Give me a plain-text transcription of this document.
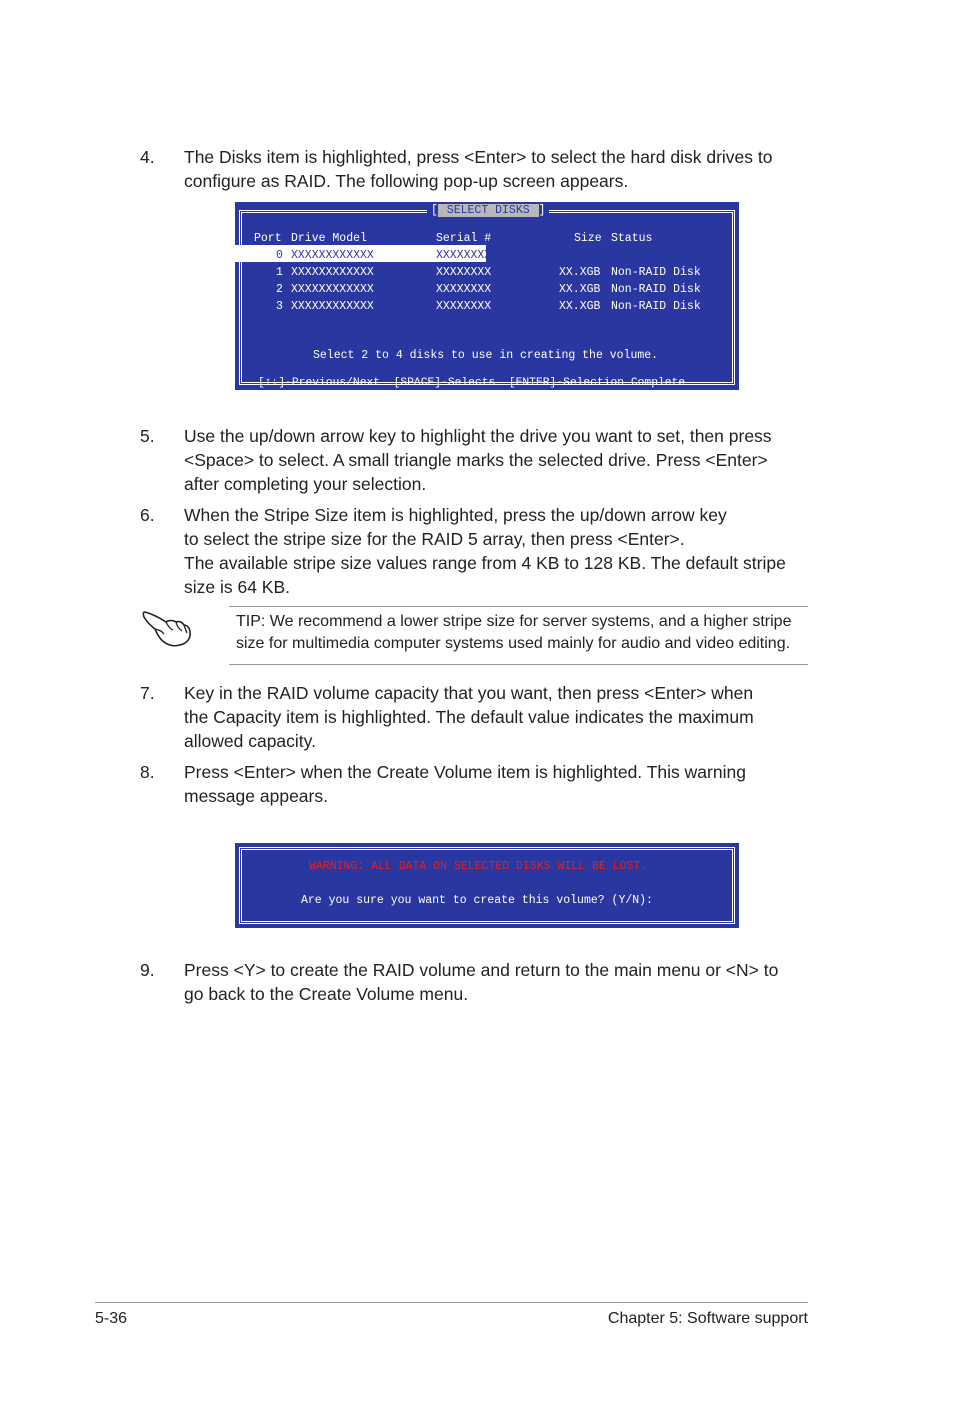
4. The Disks item is highlighted, press <Enter> to select the hard disk drives to
configure as RAID. The following pop-up screen appears.
[ SELECT DISKS ]
Port Drive Model	Serial #	Size Status
0 XXXXXXXXXXXX	XXXXXXXX	XX.XGB Non-RAID Disk
1 XXXXXXXXXXXX	XXXXXXXX	XX.XGB Non-RAID Disk
2 XXXXXXXXXXXX	XXXXXXXX	XX.XGB Non-RAID Disk
3 XXXXXXXXXXXX	XXXXXXXX	XX.XGB Non-RAID Disk
Select 2 to 4 disks to use in creating the volume.
[↑↓]-Previous/Next  [SPACE]-Selects  [ENTER]-Selection Complete
5. Use the up/down arrow key to highlight the drive you want to set, then press
<Space> to select. A small triangle marks the selected drive. Press <Enter>
after completing your selection.
6. When the Stripe Size item is highlighted, press the up/down arrow key
to select the stripe size for the RAID 5 array, then press <Enter>.
The available stripe size values range from 4 KB to 128 KB. The default stripe
size is 64 KB.
TIP: We recommend a lower stripe size for server systems, and a higher stripe
size for multimedia computer systems used mainly for audio and video editing.
7. Key in the RAID volume capacity that you want, then press <Enter> when
the Capacity item is highlighted. The default value indicates the maximum
allowed capacity.
8. Press <Enter> when the Create Volume item is highlighted. This warning
message appears.
WARNING: ALL DATA ON SELECTED DISKS WILL BE LOST.
Are you sure you want to create this volume? (Y/N):
9. Press <Y> to create the RAID volume and return to the main menu or <N> to
go back to the Create Volume menu.
5-36	Chapter 5: Software support
